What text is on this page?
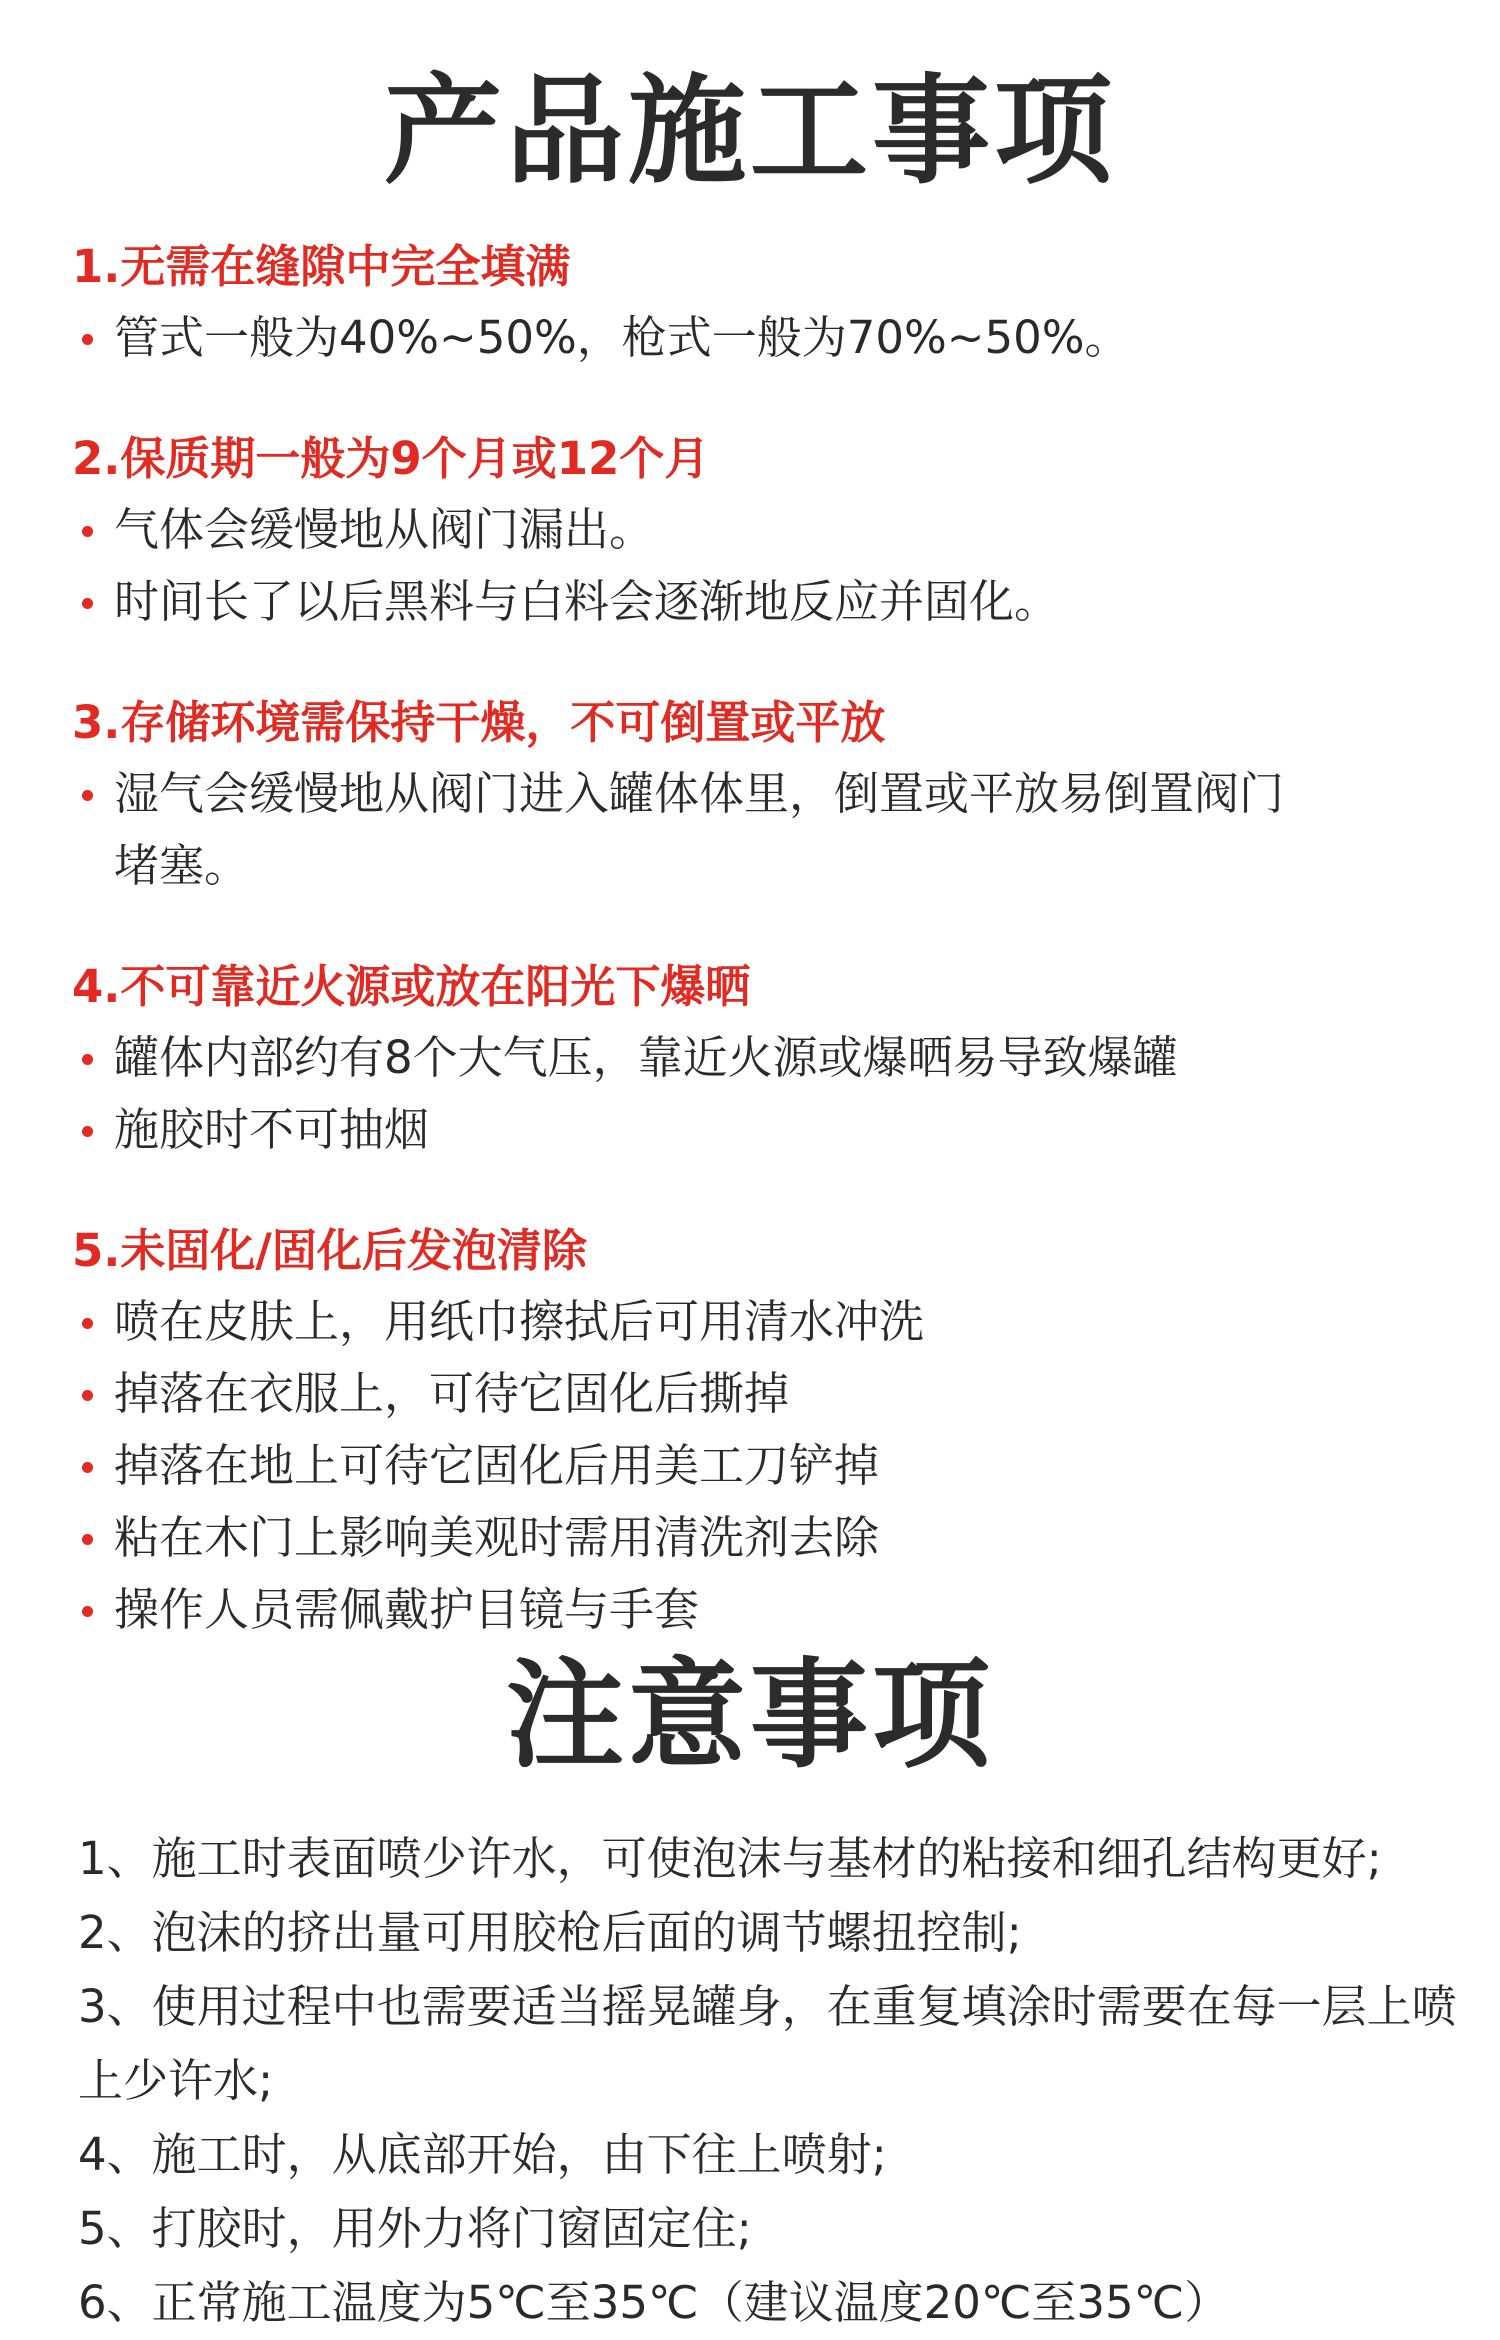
产品施工事项
1.无需在缝隙中完全填满
管式一般为40%~50%，枪式一般为70%~50%。
2.保质期一般为9个月或12个月
气体会缓慢地从阀门漏出。
时间长了以后黑料与白料会逐渐地反应并固化。
3.存储环境需保持干燥，不可倒置或平放
湿气会缓慢地从阀门进入罐体体里，倒置或平放易倒置阀门堵塞。
4.不可靠近火源或放在阳光下爆晒
罐体内部约有8个大气压，靠近火源或爆晒易导致爆罐
施胶时不可抽烟
5.未固化/固化后发泡清除
喷在皮肤上，用纸巾擦拭后可用清水冲洗
掉落在衣服上，可待它固化后撕掉
掉落在地上可待它固化后用美工刀铲掉
粘在木门上影响美观时需用清洗剂去除
操作人员需佩戴护目镜与手套
注意事项
1、施工时表面喷少许水，可使泡沫与基材的粘接和细孔结构更好;
2、泡沫的挤出量可用胶枪后面的调节螺扭控制;
3、使用过程中也需要适当摇晃罐身，在重复填涂时需要在每一层上喷上少许水;
4、施工时，从底部开始，由下往上喷射;
5、打胶时，用外力将门窗固定住;
6、正常施工温度为5℃至35℃（建议温度20℃至35℃）
